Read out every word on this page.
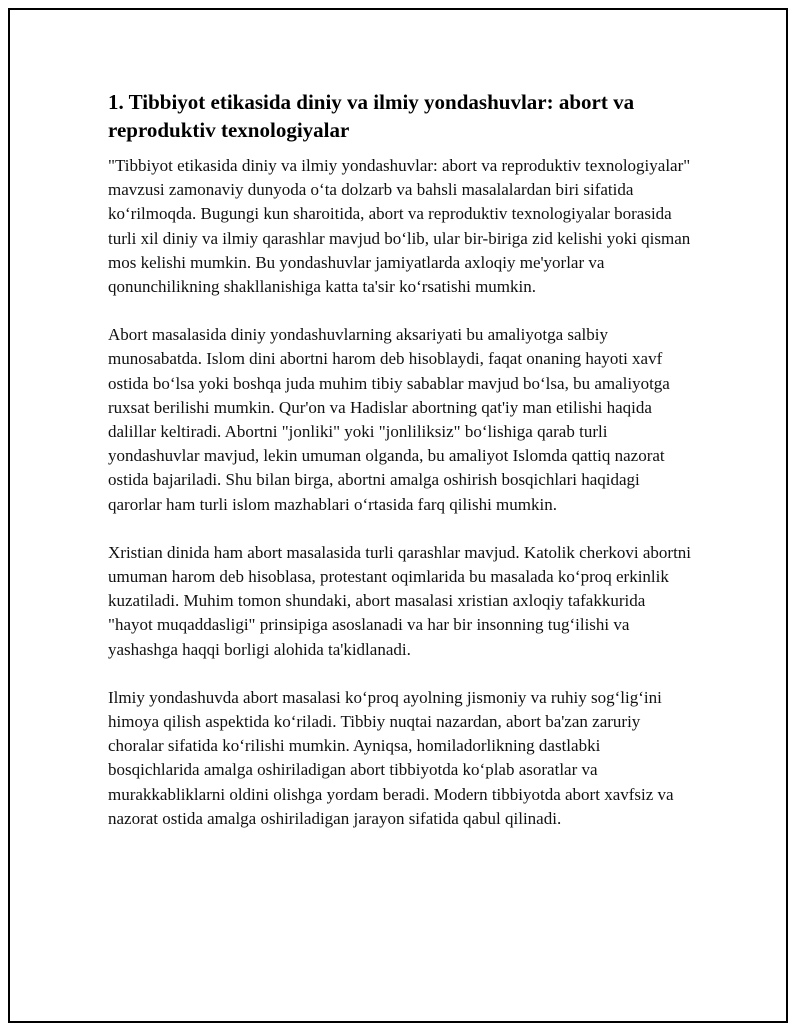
1. Tibbiyot etikasida diniy va ilmiy yondashuvlar: abort va reproduktiv texnologiyalar

"Tibbiyot etikasida diniy va ilmiy yondashuvlar: abort va reproduktiv texnologiyalar" mavzusi zamonaviy dunyoda o‘ta dolzarb va bahsli masalalardan biri sifatida ko‘rilmoqda. Bugungi kun sharoitida, abort va reproduktiv texnologiyalar borasida turli xil diniy va ilmiy qarashlar mavjud bo‘lib, ular bir-biriga zid kelishi yoki qisman mos kelishi mumkin. Bu yondashuvlar jamiyatlarda axloqiy me'yorlar va qonunchilikning shakllanishiga katta ta'sir ko‘rsatishi mumkin.

Abort masalasida diniy yondashuvlarning aksariyati bu amaliyotga salbiy munosabatda. Islom dini abortni harom deb hisoblaydi, faqat onaning hayoti xavf ostida bo‘lsa yoki boshqa juda muhim tibiy sabablar mavjud bo‘lsa, bu amaliyotga ruxsat berilishi mumkin. Qur'on va Hadislar abortning qat'iy man etilishi haqida dalillar keltiradi. Abortni "jonliki" yoki "jonliliksiz" bo‘lishiga qarab turli yondashuvlar mavjud, lekin umuman olganda, bu amaliyot Islomda qattiq nazorat ostida bajariladi. Shu bilan birga, abortni amalga oshirish bosqichlari haqidagi qarorlar ham turli islom mazhablari o‘rtasida farq qilishi mumkin.

Xristian dinida ham abort masalasida turli qarashlar mavjud. Katolik cherkovi abortni umuman harom deb hisoblasa, protestant oqimlarida bu masalada ko‘proq erkinlik kuzatiladi. Muhim tomon shundaki, abort masalasi xristian axloqiy tafakkurida "hayot muqaddasligi" prinsipiga asoslanadi va har bir insonning tug‘ilishi va yashashga haqqi borligi alohida ta'kidlanadi.

Ilmiy yondashuvda abort masalasi ko‘proq ayolning jismoniy va ruhiy sog‘lig‘ini himoya qilish aspektida ko‘riladi. Tibbiy nuqtai nazardan, abort ba'zan zaruriy choralar sifatida ko‘rilishi mumkin. Ayniqsa, homiladorlikning dastlabki bosqichlarida amalga oshiriladigan abort tibbiyotda ko‘plab asoratlar va murakkabliklarni oldini olishga yordam beradi. Modern tibbiyotda abort xavfsiz va nazorat ostida amalga oshiriladigan jarayon sifatida qabul qilinadi.
